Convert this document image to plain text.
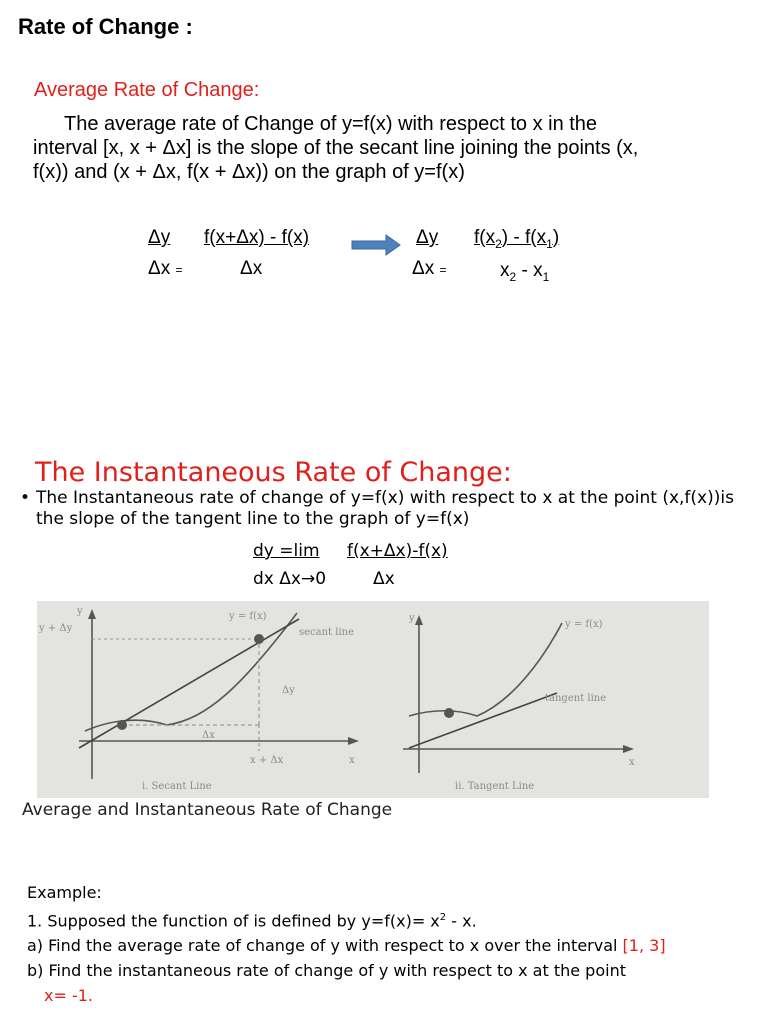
Rate of Change :
Average Rate of Change:
The average rate of Change of y=f(x) with respect to x in the
interval [x, x + Δx] is the slope of the secant line joining the points (x,
f(x)) and (x + Δx, f(x + Δx)) on the graph of y=f(x)
Δy
Δx =
f(x+Δx) - f(x)
Δx
Δy
Δx =
$f(x_2) - f(x_1)$
$x_2 - x_1$
The Instantaneous Rate of Change:
• The Instantaneous rate of change of y=f(x) with respect to x at the point (x,f(x))is
the slope of the tangent line to the graph of y=f(x)
dy =lim f(x+Δx)-f(x)
dx Δx→0	Δx
y
y + Δy
y = f(x)
secant line
Δy
Δx
x + Δx	x
i. Secant Line
y
y = f(x)
tangent line
x
ii. Tangent Line
Average and Instantaneous Rate of Change
Example:
1. Supposed the function of is defined by $y=f(x)= x^2 - x$.
a) Find the average rate of change of y with respect to x over the interval [1, 3]
b) Find the instantaneous rate of change of y with respect to x at the point
x= -1.
